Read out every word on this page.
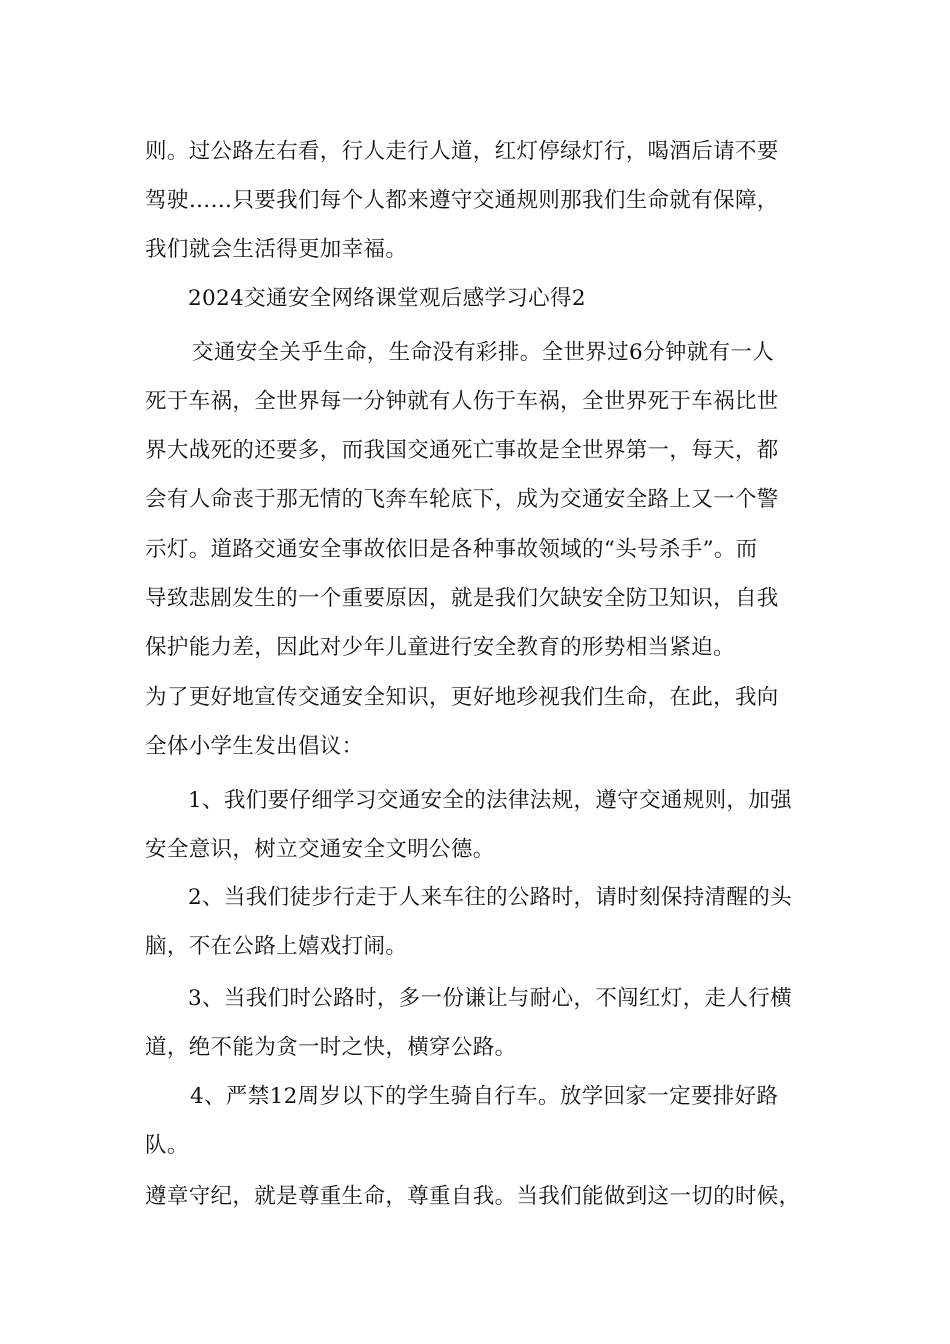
则。过公路左右看，行人走行人道，红灯停绿灯行，喝酒后请不要
驾驶……只要我们每个人都来遵守交通规则那我们生命就有保障，
我们就会生活得更加幸福。
2024交通安全网络课堂观后感学习心得2
交通安全关乎生命，生命没有彩排。全世界过6分钟就有一人
死于车祸，全世界每一分钟就有人伤于车祸，全世界死于车祸比世
界大战死的还要多，而我国交通死亡事故是全世界第一，每天，都
会有人命丧于那无情的飞奔车轮底下，成为交通安全路上又一个警
示灯。道路交通安全事故依旧是各种事故领域的“头号杀手”。而
导致悲剧发生的一个重要原因，就是我们欠缺安全防卫知识，自我
保护能力差，因此对少年儿童进行安全教育的形势相当紧迫。
为了更好地宣传交通安全知识，更好地珍视我们生命，在此，我向
全体小学生发出倡议：
1、我们要仔细学习交通安全的法律法规，遵守交通规则，加强
安全意识，树立交通安全文明公德。
2、当我们徒步行走于人来车往的公路时，请时刻保持清醒的头
脑，不在公路上嬉戏打闹。
3、当我们时公路时，多一份谦让与耐心，不闯红灯，走人行横
道，绝不能为贪一时之快，横穿公路。
4、严禁12周岁以下的学生骑自行车。放学回家一定要排好路
队。
遵章守纪，就是尊重生命，尊重自我。当我们能做到这一切的时候，
